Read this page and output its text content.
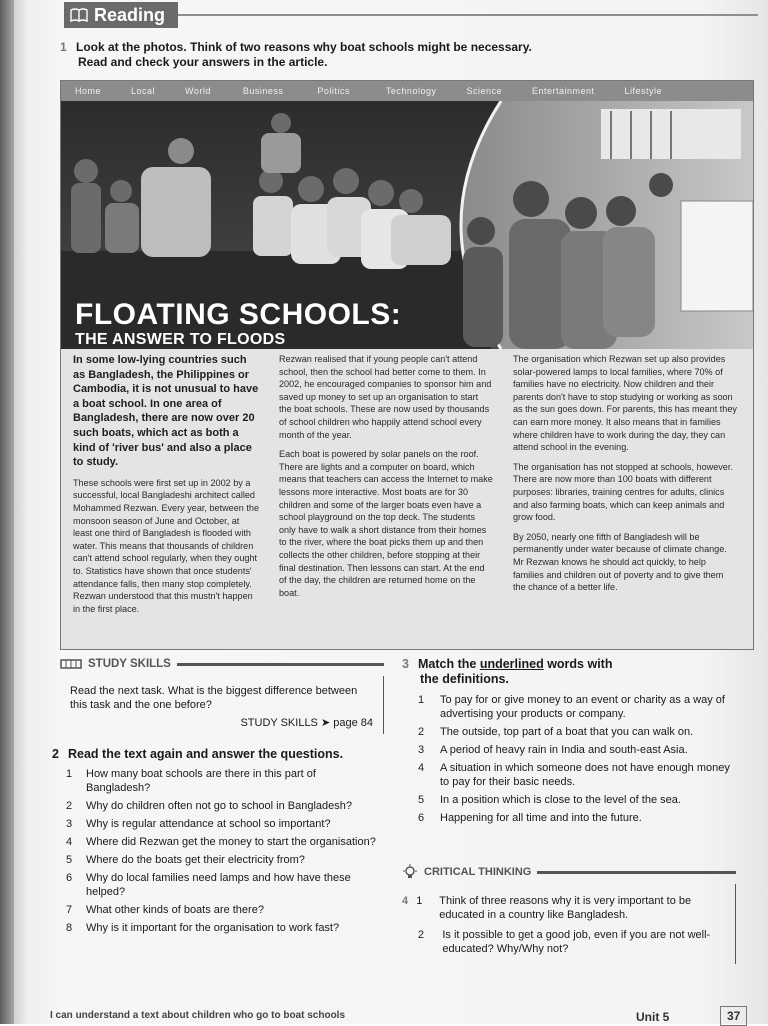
Reading
1 Look at the photos. Think of two reasons why boat schools might be necessary.
Read and check your answers in the article.
Home	Local	World	Business	Politics	Technology	Science	Entertainment	Lifestyle
FLOATING SCHOOLS:
THE ANSWER TO FLOODS

In some low-lying countries such as Bangladesh, the Philippines or Cambodia, it is not unusual to have a boat school. In one area of Bangladesh, there are now over 20 such boats, which act as both a kind of 'river bus' and also a place to study.

These schools were first set up in 2002 by a successful, local Bangladeshi architect called Mohammed Rezwan. Every year, between the monsoon season of June and October, at least one third of Bangladesh is flooded with water. This means that thousands of children can't attend school regularly, when they ought to. Statistics have shown that once students' attendance falls, then many stop completely. Rezwan understood that this mustn't happen in the first place.

Rezwan realised that if young people can't attend school, then the school had better come to them. In 2002, he encouraged companies to sponsor him and saved up money to set up an organisation to start the boat schools. These are now used by thousands of school children who happily attend school every month of the year.

Each boat is powered by solar panels on the roof. There are lights and a computer on board, which means that teachers can access the Internet to make lessons more interactive. Most boats are for 30 children and some of the larger boats even have a school playground on the top deck. The students only have to walk a short distance from their homes to the river, where the boat picks them up and then collects the other children, before stopping at their final destination. Then lessons can start. At the end of the day, the children are returned home on the boat.

The organisation which Rezwan set up also provides solar-powered lamps to local families, where 70% of families have no electricity. Now children and their parents don't have to stop studying or working as soon as the sun goes down. For parents, this has meant they can earn more money. It also means that in families where children have to work during the day, they can attend school in the evening.

The organisation has not stopped at schools, however. There are now more than 100 boats with different purposes: libraries, training centres for adults, clinics and also farming boats, which can keep animals and grow food.

By 2050, nearly one fifth of Bangladesh will be permanently under water because of climate change. Mr Rezwan knows he should act quickly, to help families and children out of poverty and to give them the chance of a better life.

STUDY SKILLS
Read the next task. What is the biggest difference between this task and the one before?
STUDY SKILLS ➤ page 84
2 Read the text again and answer the questions.
1	How many boat schools are there in this part of Bangladesh?
2	Why do children often not go to school in Bangladesh?
3	Why is regular attendance at school so important?
4	Where did Rezwan get the money to start the organisation?
5	Where do the boats get their electricity from?
6	Why do local families need lamps and how have these helped?
7	What other kinds of boats are there?
8	Why is it important for the organisation to work fast?
3 Match the underlined words with
the definitions.
1	To pay for or give money to an event or charity as a way of advertising your products or company.
2	The outside, top part of a boat that you can walk on.
3	A period of heavy rain in India and south-east Asia.
4	A situation in which someone does not have enough money to pay for their basic needs.
5	In a position which is close to the level of the sea.
6	Happening for all time and into the future.
CRITICAL THINKING
4 1	Think of three reasons why it is very important to be educated in a country like Bangladesh.
2	Is it possible to get a good job, even if you are not well-educated? Why/Why not?
I can understand a text about children who go to boat schools	Unit 5	37
